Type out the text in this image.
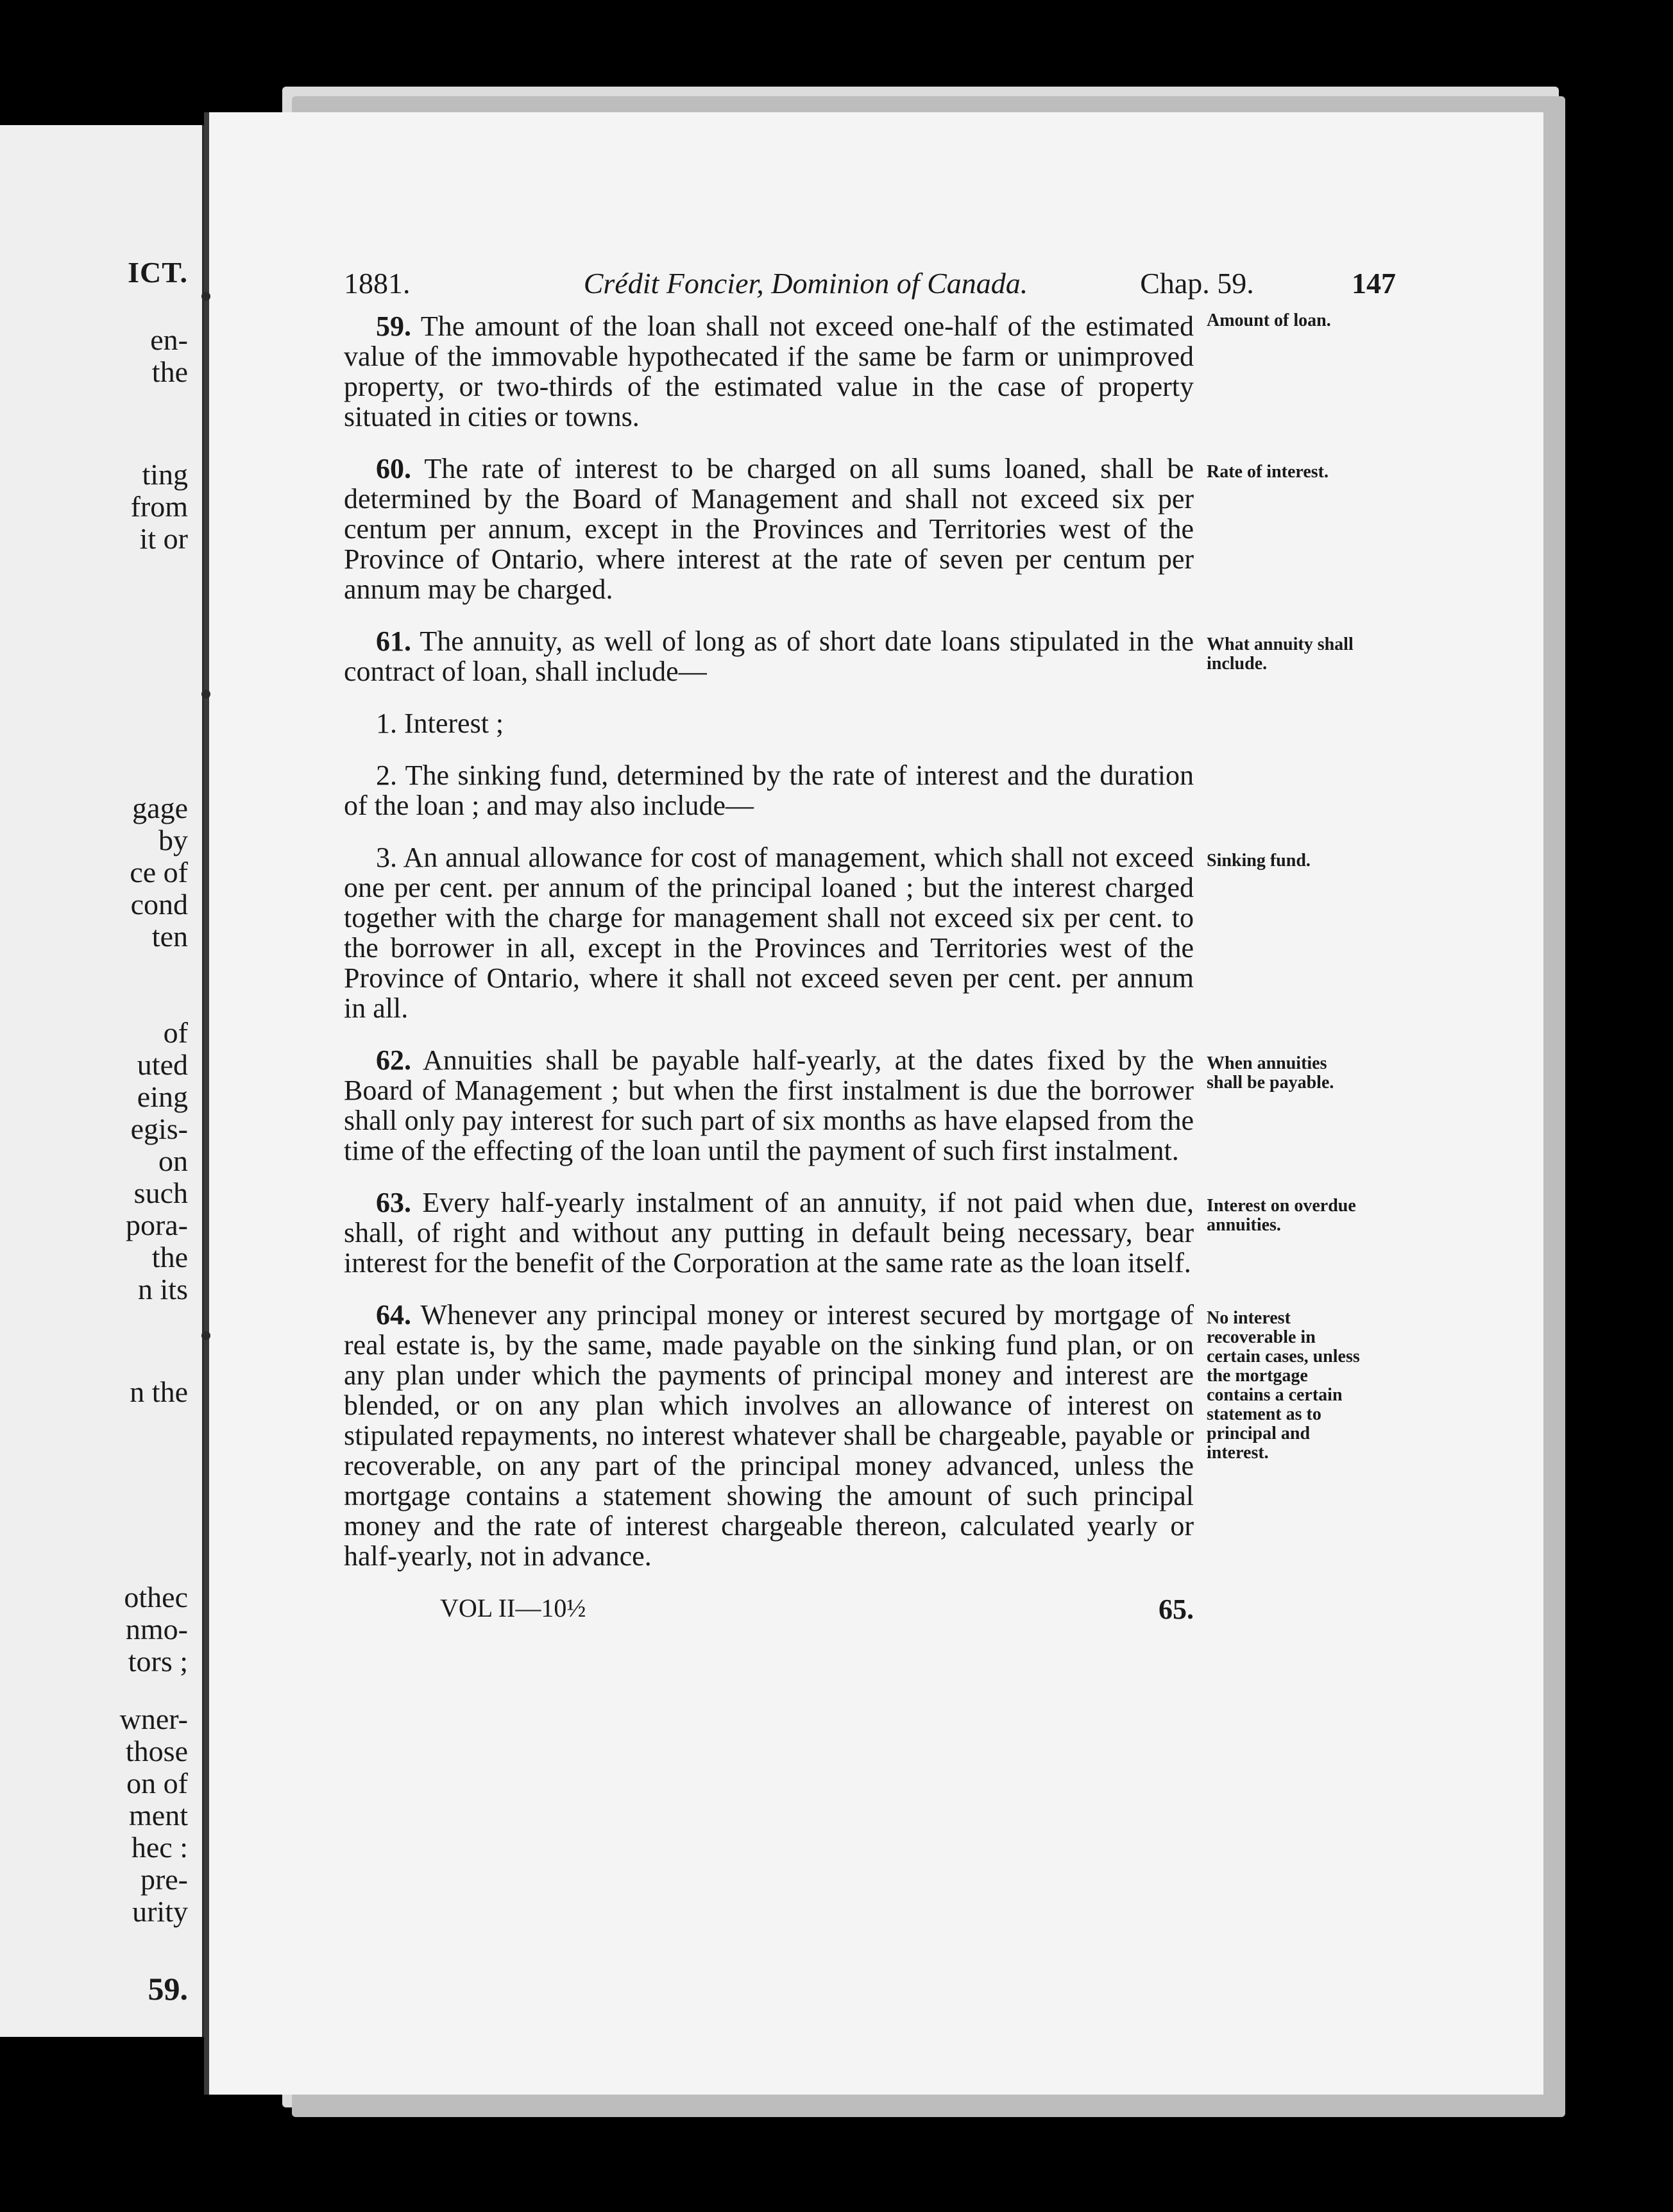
ICT.
en-
the
ting
from
it or
gage
by
ce of
cond
ten
of
uted
eing
egis-
on
such
pora-
the
n its
n the
othec
nmo-
tors ;
wner-
those
on of
ment
hec :
pre-
urity
59.
1881.	Crédit Foncier, Dominion of Canada.	Chap. 59.	147
59. The amount of the loan shall not exceed one-half of the estimated value of the immovable hypothecated if the same be farm or unimproved property, or two-thirds of the estimated value in the case of property situated in cities or towns.
Amount of loan.
60. The rate of interest to be charged on all sums loaned, shall be determined by the Board of Management and shall not exceed six per centum per annum, except in the Provinces and Territories west of the Province of Ontario, where interest at the rate of seven per centum per annum may be charged.
Rate of interest.
61. The annuity, as well of long as of short date loans stipulated in the contract of loan, shall include—
What annuity shall include.
1. Interest ;
2. The sinking fund, determined by the rate of interest and the duration of the loan ; and may also include—
3. An annual allowance for cost of management, which shall not exceed one per cent. per annum of the principal loaned ; but the interest charged together with the charge for management shall not exceed six per cent. to the borrower in all, except in the Provinces and Territories west of the Province of Ontario, where it shall not exceed seven per cent. per annum in all.
Sinking fund.
62. Annuities shall be payable half-yearly, at the dates fixed by the Board of Management ; but when the first instalment is due the borrower shall only pay interest for such part of six months as have elapsed from the time of the effecting of the loan until the payment of such first instalment.
When annuities shall be payable.
63. Every half-yearly instalment of an annuity, if not paid when due, shall, of right and without any putting in default being necessary, bear interest for the benefit of the Corporation at the same rate as the loan itself.
Interest on overdue annuities.
64. Whenever any principal money or interest secured by mortgage of real estate is, by the same, made payable on the sinking fund plan, or on any plan under which the payments of principal money and interest are blended, or on any plan which involves an allowance of interest on stipulated repayments, no interest whatever shall be chargeable, payable or recoverable, on any part of the principal money advanced, unless the mortgage contains a statement showing the amount of such principal money and the rate of interest chargeable thereon, calculated yearly or half-yearly, not in advance.
No interest recoverable in certain cases, unless the mortgage contains a certain statement as to principal and interest.
VOL II—10½	65.
